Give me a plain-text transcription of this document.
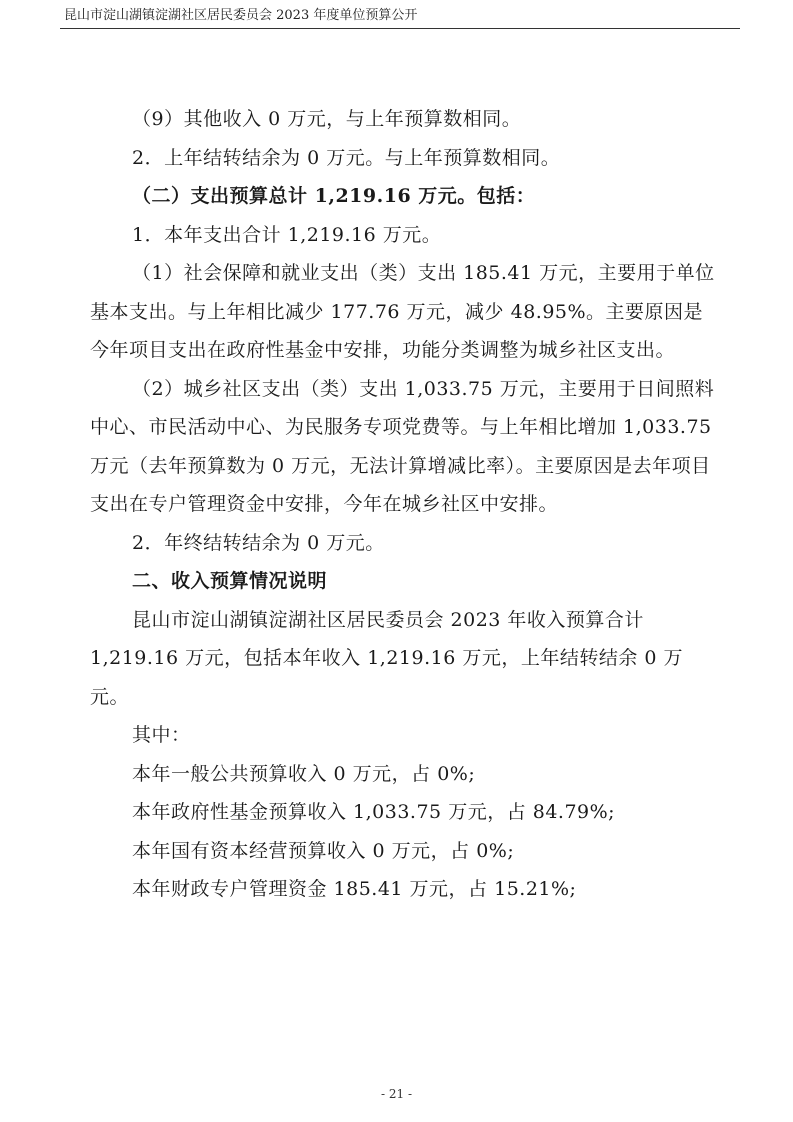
昆山市淀山湖镇淀湖社区居民委员会 2023 年度单位预算公开

（9）其他收入 0 万元，与上年预算数相同。

2．上年结转结余为 0 万元。与上年预算数相同。

（二）支出预算总计 1,219.16 万元。包括：

1．本年支出合计 1,219.16 万元。

（1）社会保障和就业支出（类）支出 185.41 万元，主要用于单位基本支出。与上年相比减少 177.76 万元，减少 48.95%。主要原因是今年项目支出在政府性基金中安排，功能分类调整为城乡社区支出。

（2）城乡社区支出（类）支出 1,033.75 万元，主要用于日间照料中心、市民活动中心、为民服务专项党费等。与上年相比增加 1,033.75 万元（去年预算数为 0 万元，无法计算增减比率）。主要原因是去年项目支出在专户管理资金中安排，今年在城乡社区中安排。

2．年终结转结余为 0 万元。

二、收入预算情况说明

昆山市淀山湖镇淀湖社区居民委员会 2023 年收入预算合计 1,219.16 万元，包括本年收入 1,219.16 万元，上年结转结余 0 万元。

其中：

本年一般公共预算收入 0 万元，占 0%;

本年政府性基金预算收入 1,033.75 万元，占 84.79%;

本年国有资本经营预算收入 0 万元，占 0%;

本年财政专户管理资金 185.41 万元，占 15.21%;

- 21 -
